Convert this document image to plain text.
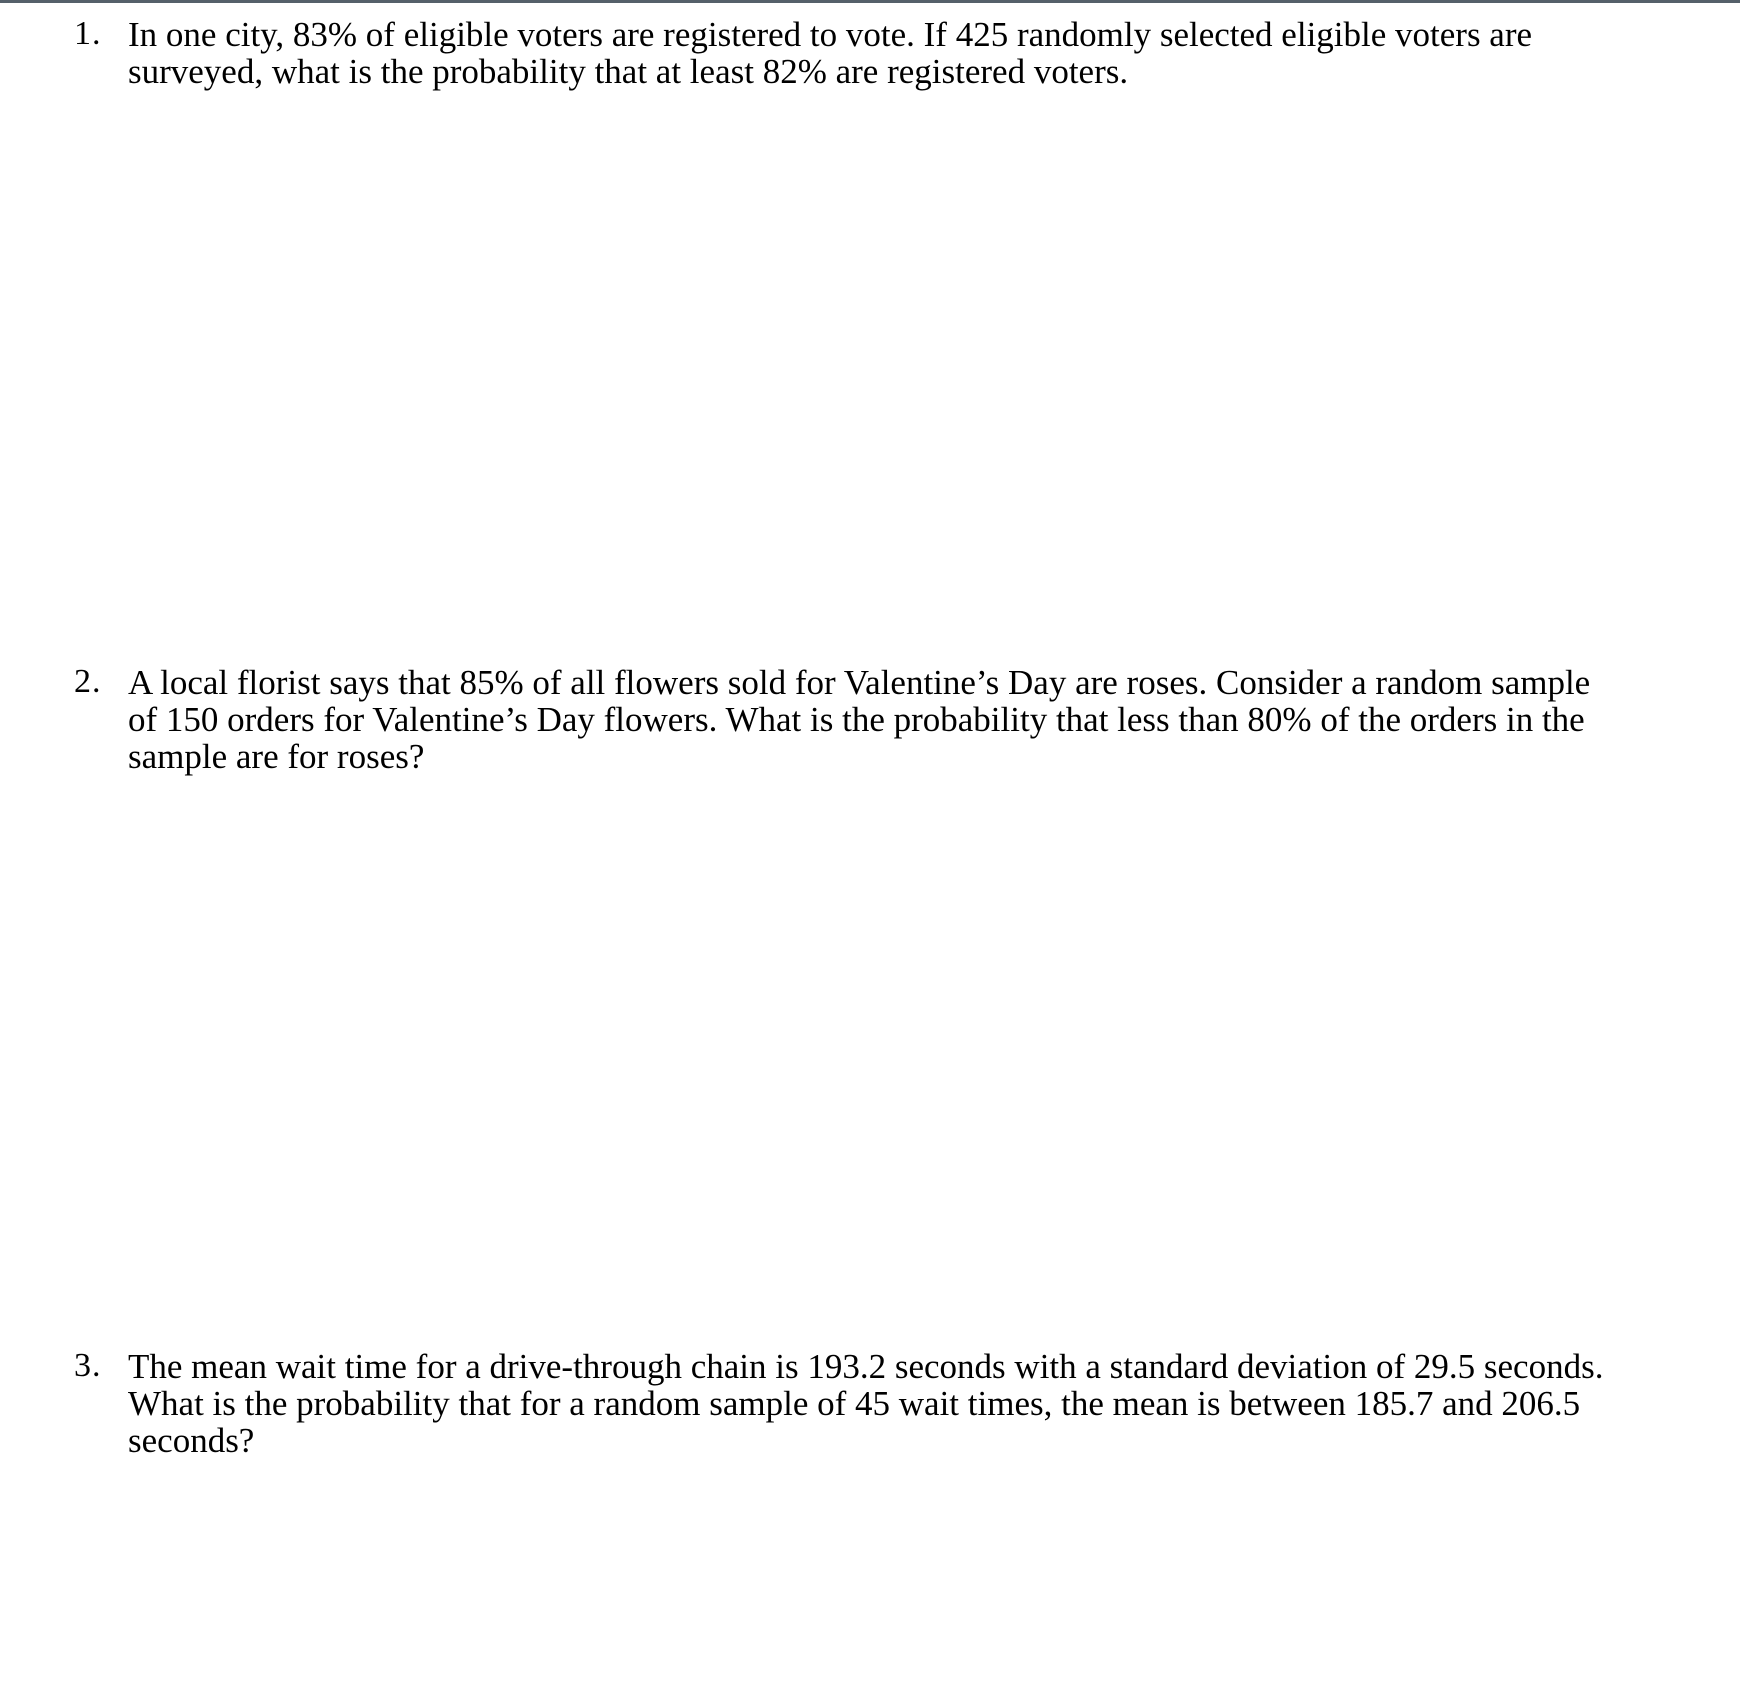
1. In one city, 83% of eligible voters are registered to vote. If 425 randomly selected eligible voters are
surveyed, what is the probability that at least 82% are registered voters.
2. A local florist says that 85% of all flowers sold for Valentine’s Day are roses. Consider a random sample
of 150 orders for Valentine’s Day flowers. What is the probability that less than 80% of the orders in the
sample are for roses?
3. The mean wait time for a drive-through chain is 193.2 seconds with a standard deviation of 29.5 seconds.
What is the probability that for a random sample of 45 wait times, the mean is between 185.7 and 206.5
seconds?
